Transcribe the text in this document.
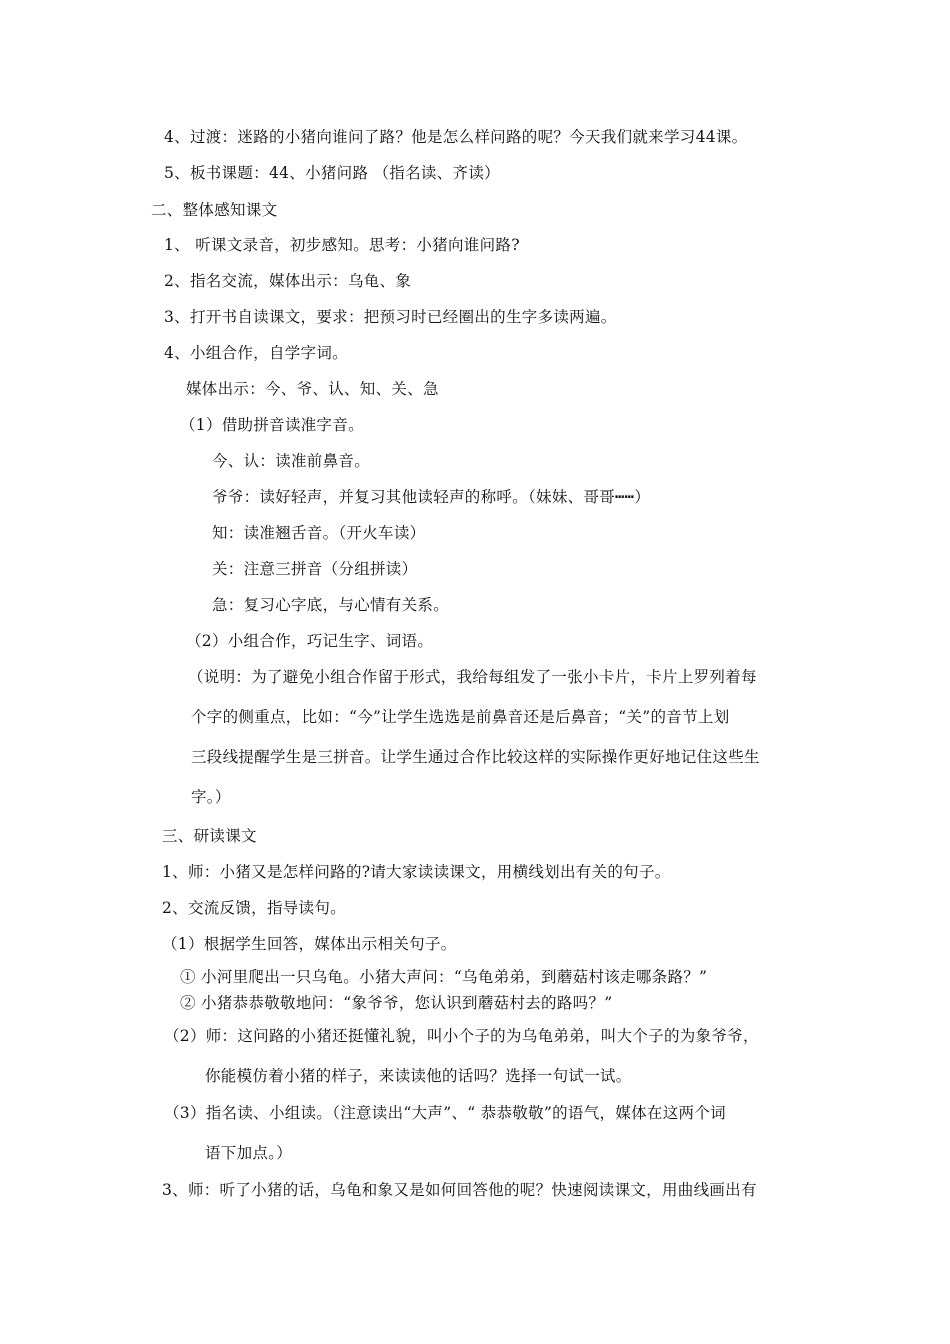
4、过渡：迷路的小猪向谁问了路？他是怎么样问路的呢？今天我们就来学习44课。
5、板书课题：44、小猪问路 （指名读、齐读）
二、整体感知课文
1、 听课文录音，初步感知。思考：小猪向谁问路?
2、指名交流，媒体出示：乌龟、象
3、打开书自读课文，要求：把预习时已经圈出的生字多读两遍。
4、小组合作，自学字词。
媒体出示：今、爷、认、知、关、急
（1）借助拼音读准字音。
今、认：读准前鼻音。
爷爷：读好轻声，并复习其他读轻声的称呼。（妹妹、哥哥┅┅）
知：读准翘舌音。（开火车读）
关：注意三拼音（分组拼读）
急：复习心字底，与心情有关系。
（2）小组合作，巧记生字、词语。
（说明：为了避免小组合作留于形式，我给每组发了一张小卡片，卡片上罗列着每
个字的侧重点，比如：“今”让学生选选是前鼻音还是后鼻音；“关”的音节上划
三段线提醒学生是三拼音。让学生通过合作比较这样的实际操作更好地记住这些生
字。）
三、研读课文
1、师：小猪又是怎样问路的?请大家读读课文，用横线划出有关的句子。
2、交流反馈，指导读句。
（1）根据学生回答，媒体出示相关句子。
① 小河里爬出一只乌龟。小猪大声问：“乌龟弟弟，到蘑菇村该走哪条路？”
② 小猪恭恭敬敬地问：“象爷爷，您认识到蘑菇村去的路吗？”
（2）师：这问路的小猪还挺懂礼貌，叫小个子的为乌龟弟弟，叫大个子的为象爷爷，
你能模仿着小猪的样子，来读读他的话吗？选择一句试一试。
（3）指名读、小组读。（注意读出“大声”、“ 恭恭敬敬”的语气，媒体在这两个词
语下加点。）
3、师：听了小猪的话，乌龟和象又是如何回答他的呢？快速阅读课文，用曲线画出有
